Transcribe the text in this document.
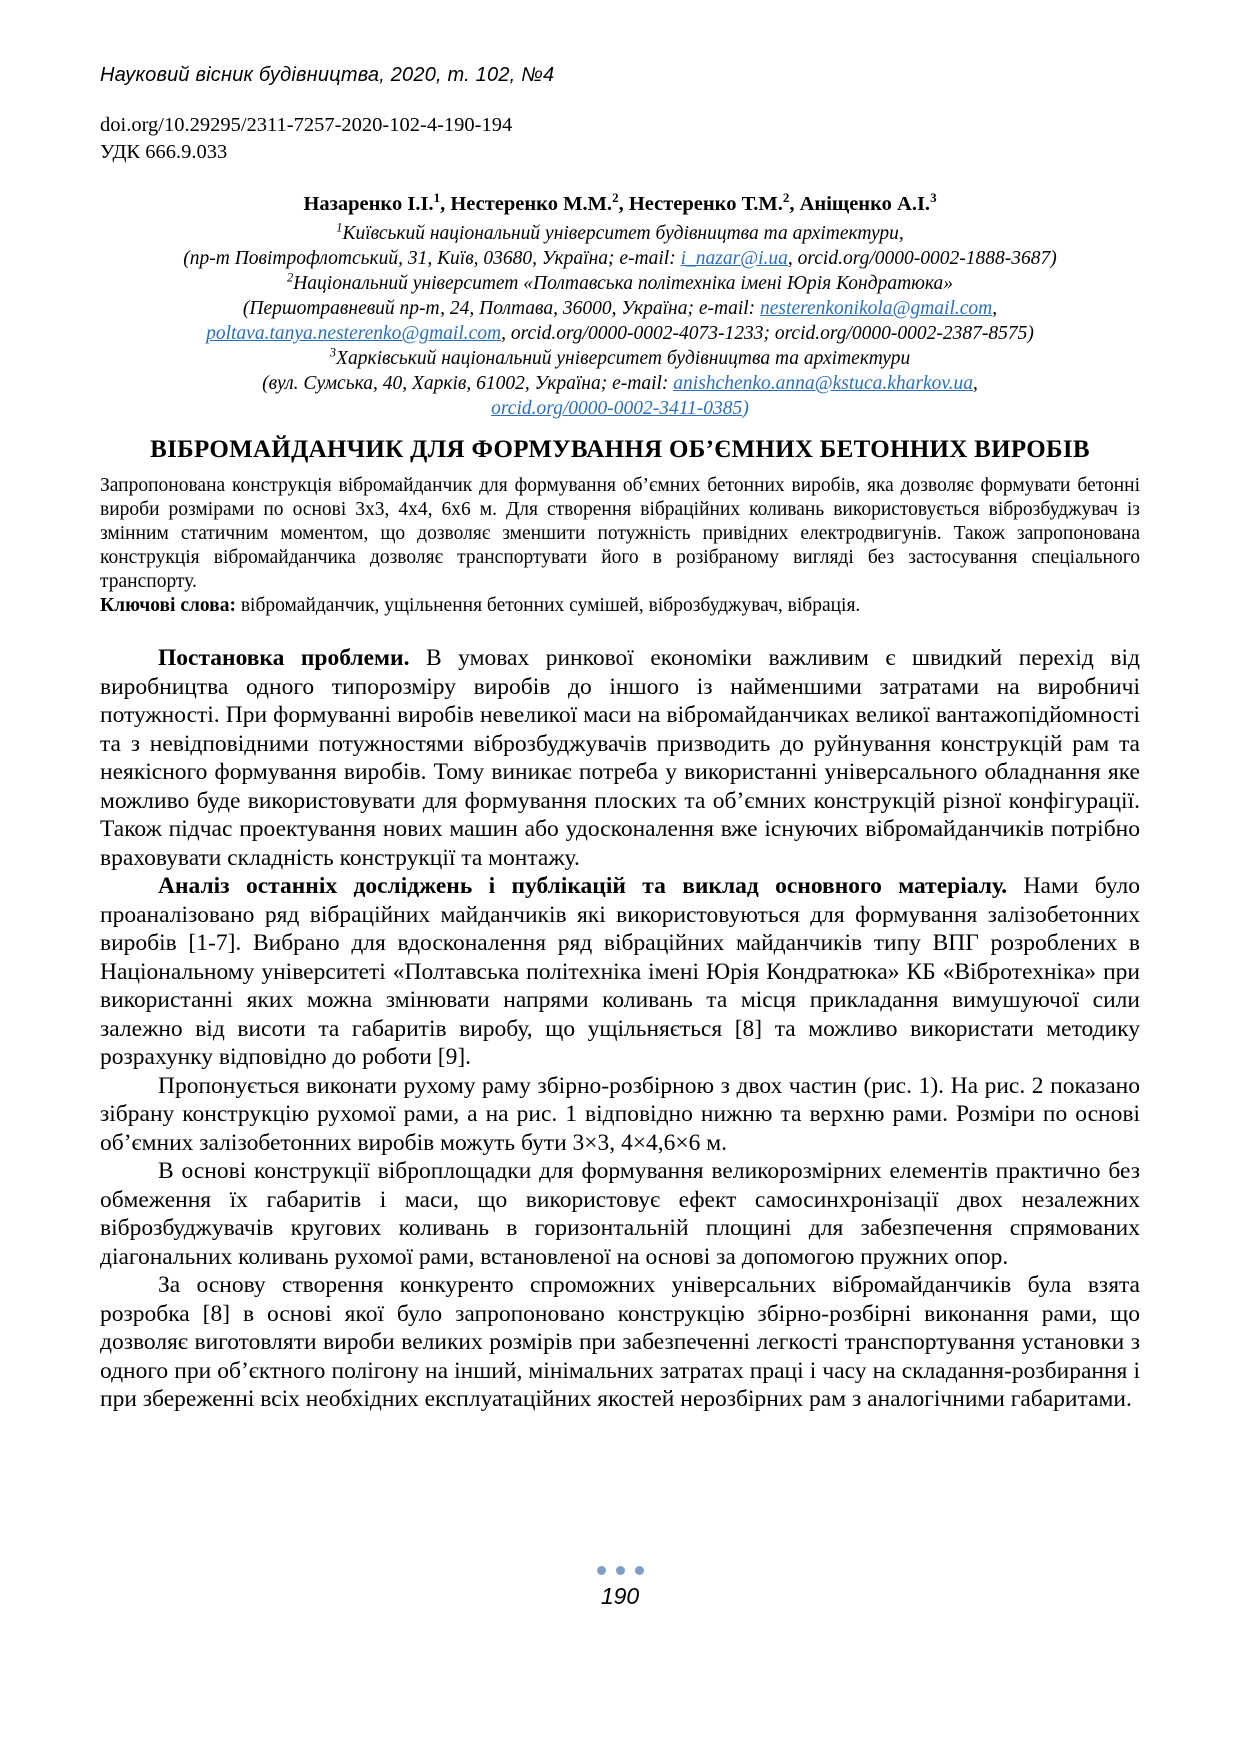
Науковий вісник будівництва, 2020, т. 102, №4
doi.org/10.29295/2311-7257-2020-102-4-190-194
УДК 666.9.033
Назаренко І.І.$^1$, Нестеренко М.М.$^2$, Нестеренко Т.М.$^2$, Аніщенко А.І.$^3$
$^1$Київський національний університет будівництва та архітектури,
(пр-т Повітрофлотський, 31, Київ, 03680, Україна; e-mail: i_nazar@i.ua, orcid.org/0000-0002-1888-3687)
$^2$Національний університет «Полтавська політехніка імені Юрія Кондратюка»
(Першотравневий пр-т, 24, Полтава, 36000, Україна; e-mail: nesterenkonikola@gmail.com,
poltava.tanya.nesterenko@gmail.com, orcid.org/0000-0002-4073-1233; orcid.org/0000-0002-2387-8575)
$^3$Харківський національний університет будівництва та архітектури
(вул. Сумська, 40, Харків, 61002, Україна; e-mail: anishchenko.anna@kstuca.kharkov.ua,
orcid.org/0000-0002-3411-0385)
ВІБРОМАЙДАНЧИК ДЛЯ ФОРМУВАННЯ ОБ’ЄМНИХ БЕТОННИХ ВИРОБІВ

Запропонована конструкція вібромайданчик для формування об’ємних бетонних виробів, яка дозволяє формувати бетонні вироби розмірами по основі 3х3, 4х4, 6х6 м. Для створення вібраційних коливань використовується віброзбуджувач із змінним статичним моментом, що дозволяє зменшити потужність привідних електродвигунів. Також запропонована конструкція вібромайданчика дозволяє транспортувати його в розібраному вигляді без застосування спеціального транспорту.

Ключові слова: вібромайданчик, ущільнення бетонних сумішей, віброзбуджувач, вібрація.

Постановка проблеми. В умовах ринкової економіки важливим є швидкий перехід від виробництва одного типорозміру виробів до іншого із найменшими затратами на виробничі потужності. При формуванні виробів невеликої маси на вібромайданчиках великої вантажопідйомності та з невідповідними потужностями віброзбуджувачів призводить до руйнування конструкцій рам та неякісного формування виробів. Тому виникає потреба у використанні універсального обладнання яке можливо буде використовувати для формування плоских та об’ємних конструкцій різної конфігурації. Також підчас проектування нових машин або удосконалення вже існуючих вібромайданчиків потрібно враховувати складність конструкції та монтажу.

Аналіз останніх досліджень і публікацій та виклад основного матеріалу. Нами було проаналізовано ряд вібраційних майданчиків які використовуються для формування залізобетонних виробів [1-7]. Вибрано для вдосконалення ряд вібраційних майданчиків типу ВПГ розроблених в Національному університеті «Полтавська політехніка імені Юрія Кондратюка» КБ «Вібротехніка» при використанні яких можна змінювати напрями коливань та місця прикладання вимушуючої сили залежно від висоти та габаритів виробу, що ущільняється [8] та можливо використати методику розрахунку відповідно до роботи [9].

Пропонується виконати рухому раму збірно-розбірною з двох частин (рис. 1). На рис. 2 показано зібрану конструкцію рухомої рами, а на рис. 1 відповідно нижню та верхню рами. Розміри по основі об’ємних залізобетонних виробів можуть бути 3×3, 4×4,6×6 м.

В основі конструкції віброплощадки для формування великорозмірних елементів практично без обмеження їх габаритів і маси, що використовує ефект самосинхронізації двох незалежних віброзбуджувачів кругових коливань в горизонтальній площині для забезпечення спрямованих діагональних коливань рухомої рами, встановленої на основі за допомогою пружних опор.

За основу створення конкуренто спроможних універсальних вібромайданчиків була взята розробка [8] в основі якої було запропоновано конструкцію збірно-розбірні виконання рами, що дозволяє виготовляти вироби великих розмірів при забезпеченні легкості транспортування установки з одного при об’єктного полігону на інший, мінімальних затратах праці і часу на складання-розбирання і при збереженні всіх необхідних експлуатаційних якостей нерозбірних рам з аналогічними габаритами.

190
